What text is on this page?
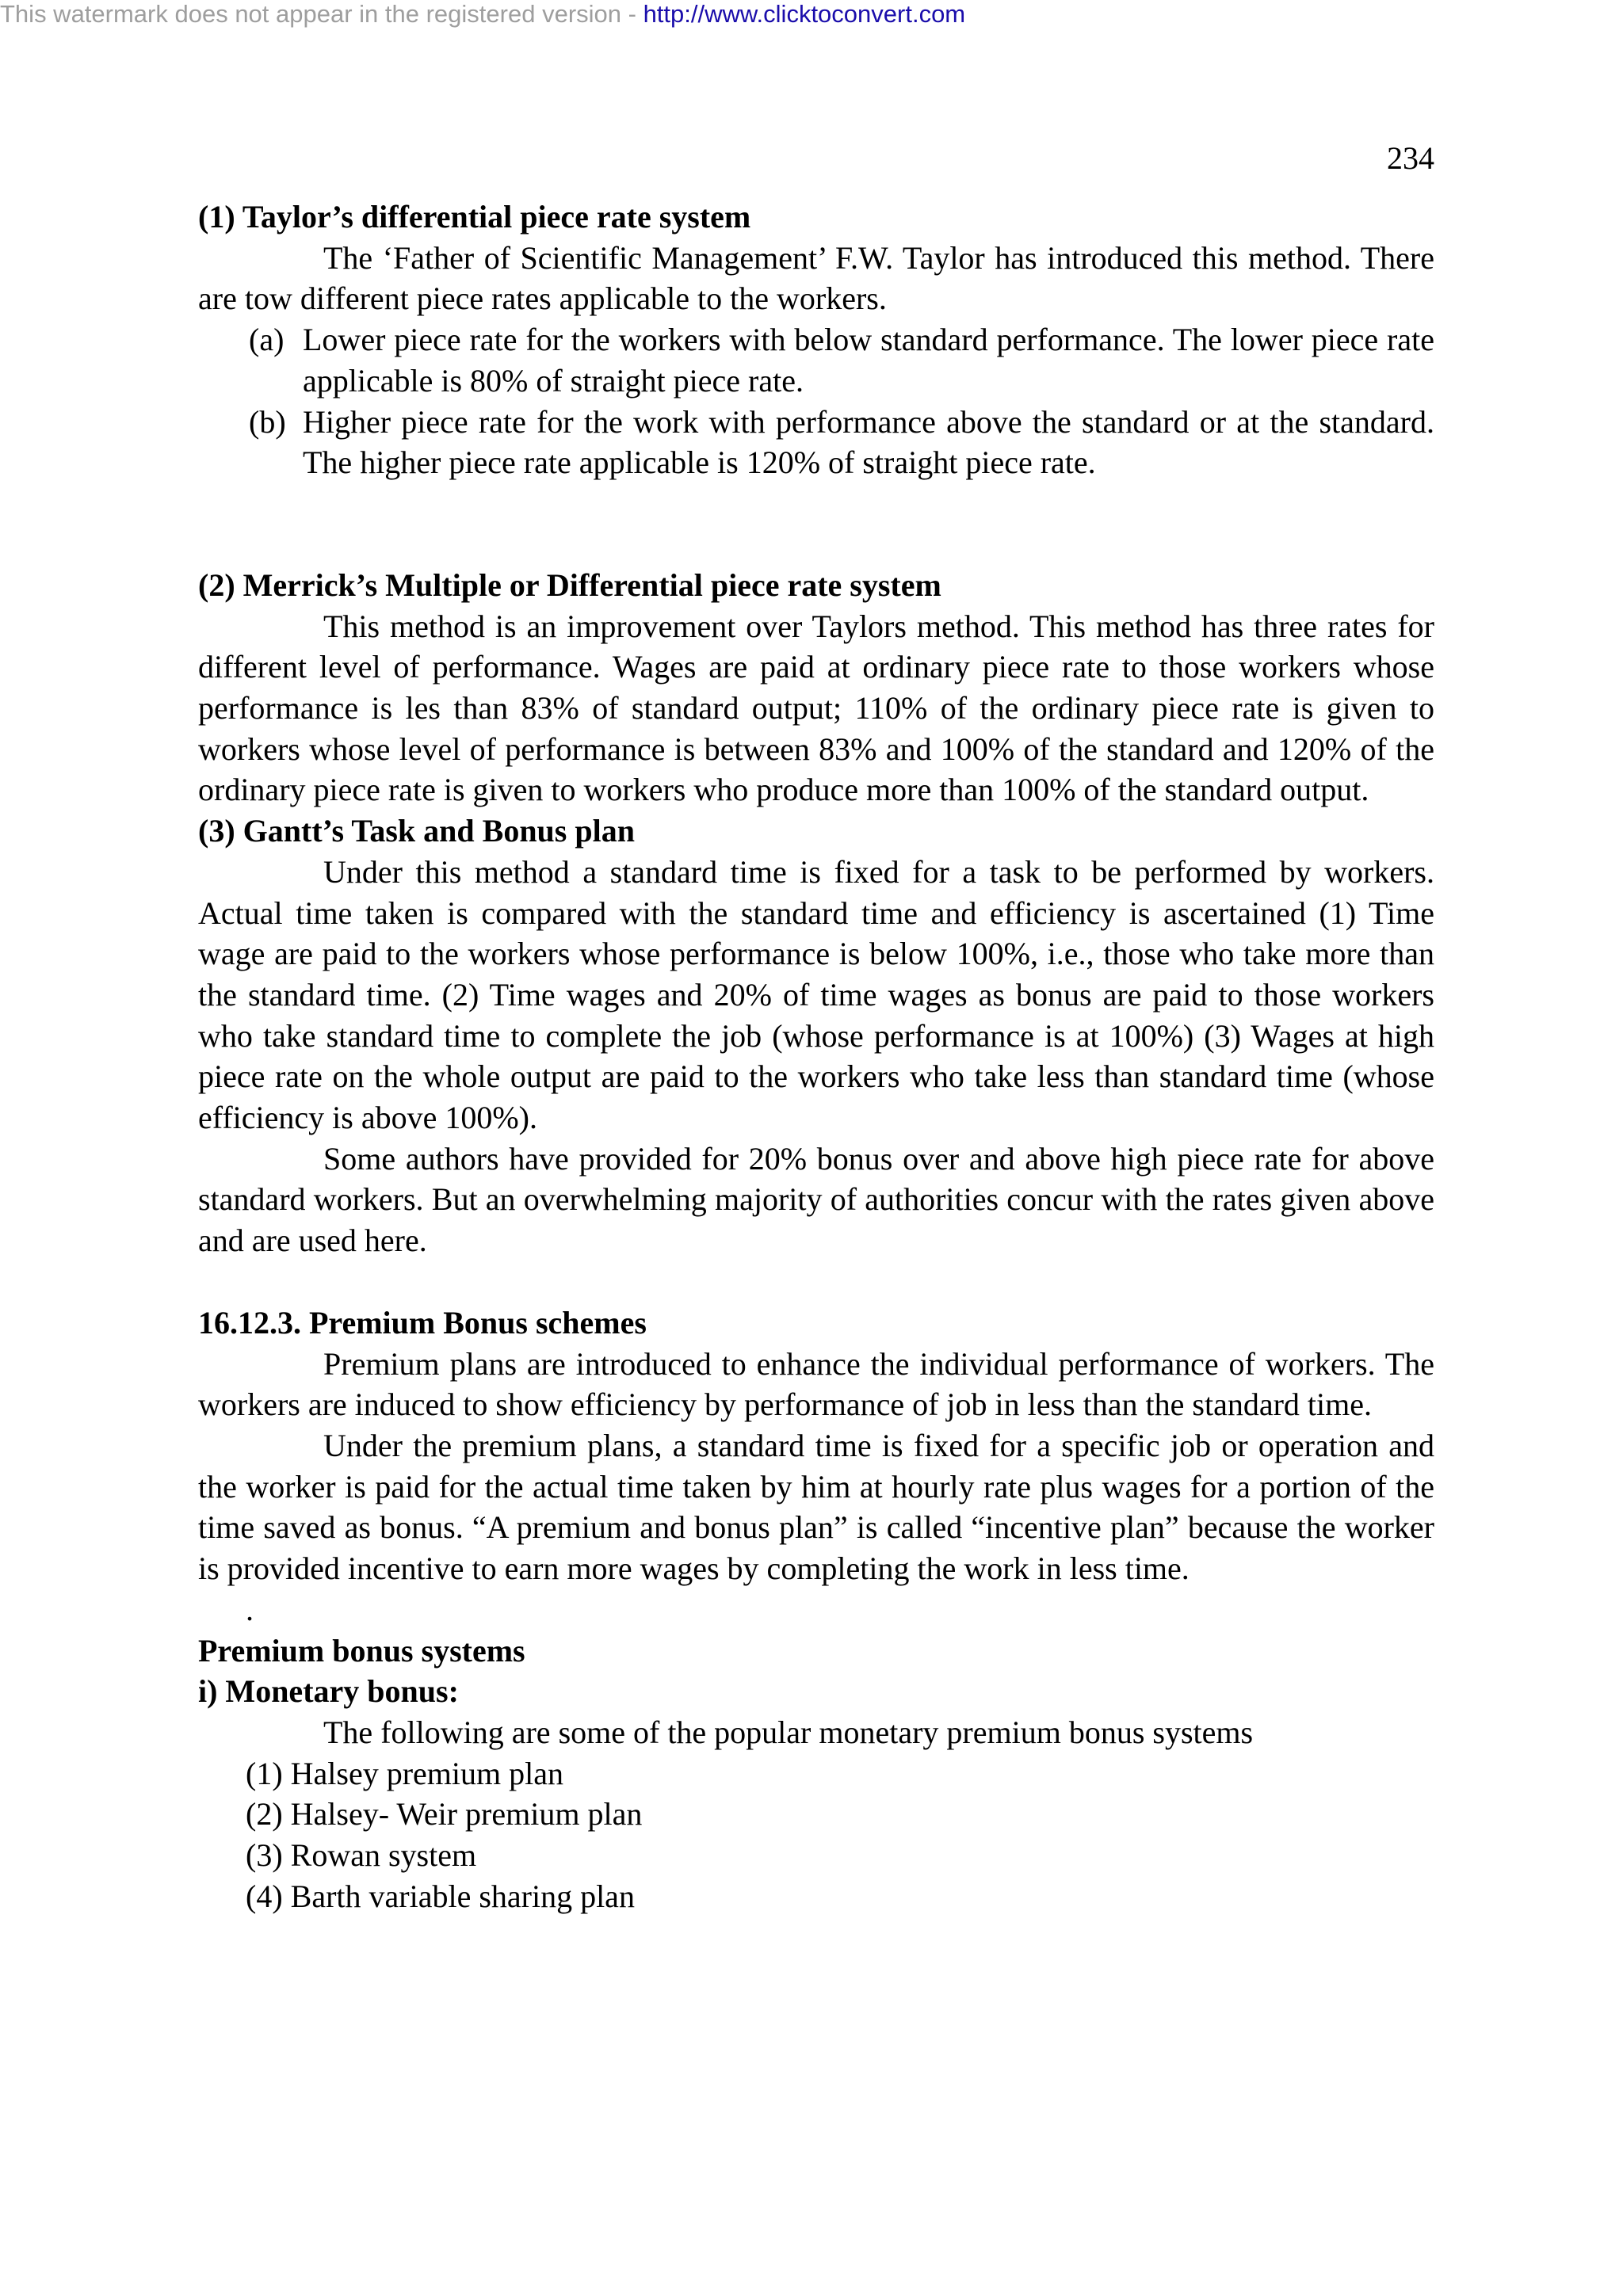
This watermark does not appear in the registered version - http://www.clicktoconvert.com
234

(1) Taylor’s differential piece rate system

The ‘Father of Scientific Management’ F.W. Taylor has introduced this method. There are tow different piece rates applicable to the workers.

(a) Lower piece rate for the workers with below standard performance. The lower piece rate applicable is 80% of straight piece rate.
(b) Higher piece rate for the work with performance above the standard or at the standard. The higher piece rate applicable is 120% of straight piece rate.

(2) Merrick’s Multiple or Differential piece rate system

This method is an improvement over Taylors method. This method has three rates for different level of performance. Wages are paid at ordinary piece rate to those workers whose performance is les than 83% of standard output; 110% of the ordinary piece rate is given to workers whose level of performance is between 83% and 100% of the standard and 120% of the ordinary piece rate is given to workers who produce more than 100% of the standard output.

(3) Gantt’s Task and Bonus plan

Under this method a standard time is fixed for a task to be performed by workers. Actual time taken is compared with the standard time and efficiency is ascertained (1) Time wage are paid to the workers whose performance is below 100%, i.e., those who take more than the standard time. (2) Time wages and 20% of time wages as bonus are paid to those workers who take standard time to complete the job (whose performance is at 100%) (3) Wages at high piece rate on the whole output are paid to the workers who take less than standard time (whose efficiency is above 100%).

Some authors have provided for 20% bonus over and above high piece rate for above standard workers. But an overwhelming majority of authorities concur with the rates given above and are used here.

16.12.3. Premium Bonus schemes

Premium plans are introduced to enhance the individual performance of workers. The workers are induced to show efficiency by performance of job in less than the standard time.

Under the premium plans, a standard time is fixed for a specific job or operation and the worker is paid for the actual time taken by him at hourly rate plus wages for a portion of the time saved as bonus. “A premium and bonus plan” is called “incentive plan” because the worker is provided incentive to earn more wages by completing the work in less time.

.

Premium bonus systems

i) Monetary bonus:

The following are some of the popular monetary premium bonus systems

(1) Halsey premium plan
(2) Halsey- Weir premium plan
(3) Rowan system
(4) Barth variable sharing plan
